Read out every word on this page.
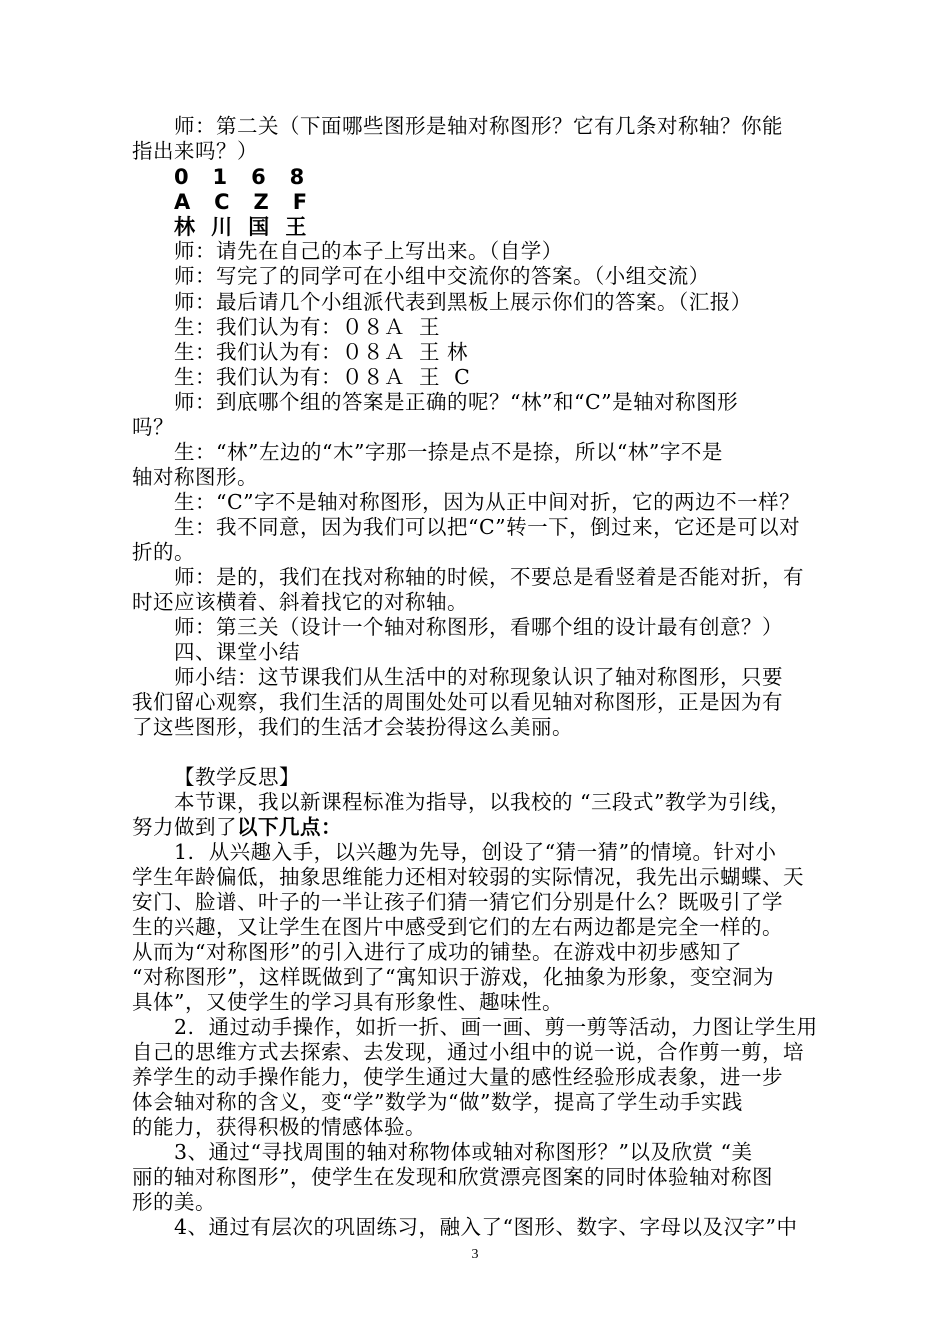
师：第二关（下面哪些图形是轴对称图形？它有几条对称轴？你能
指出来吗？）
0   1   6   8
A   C   Z   F
林  川  国  王
师：请先在自己的本子上写出来。（自学）
师：写完了的同学可在小组中交流你的答案。（小组交流）
师：最后请几个小组派代表到黑板上展示你们的答案。（汇报）
生：我们认为有：０８Ａ  王
生：我们认为有：０８Ａ  王 林
生：我们认为有：０８Ａ  王  C
师：到底哪个组的答案是正确的呢？“林”和“C”是轴对称图形
吗？
生：“林”左边的“木”字那一捺是点不是捺，所以“林”字不是
轴对称图形。
生：“C”字不是轴对称图形，因为从正中间对折，它的两边不一样？
生：我不同意，因为我们可以把“C”转一下，倒过来，它还是可以对
折的。
师：是的，我们在找对称轴的时候，不要总是看竖着是否能对折，有
时还应该横着、斜着找它的对称轴。
师：第三关（设计一个轴对称图形，看哪个组的设计最有创意？）
四、课堂小结
师小结：这节课我们从生活中的对称现象认识了轴对称图形，只要
我们留心观察，我们生活的周围处处可以看见轴对称图形，正是因为有
了这些图形，我们的生活才会装扮得这么美丽。
【教学反思】
本节课，我以新课程标准为指导，以我校的 “三段式”教学为引线，
努力做到了以下几点：
1.  从兴趣入手，以兴趣为先导，创设了“猜一猜”的情境。针对小
学生年龄偏低，抽象思维能力还相对较弱的实际情况，我先出示蝴蝶、天
安门、脸谱、叶子的一半让孩子们猜一猜它们分别是什么？既吸引了学
生的兴趣，又让学生在图片中感受到它们的左右两边都是完全一样的。
从而为“对称图形”的引入进行了成功的铺垫。在游戏中初步感知了
“对称图形”，这样既做到了“寓知识于游戏，化抽象为形象，变空洞为
具体”，又使学生的学习具有形象性、趣味性。
2.  通过动手操作，如折一折、画一画、剪一剪等活动，力图让学生用
自己的思维方式去探索、去发现，通过小组中的说一说，合作剪一剪，培
养学生的动手操作能力，使学生通过大量的感性经验形成表象，进一步
体会轴对称的含义，变“学”数学为“做”数学，提高了学生动手实践
的能力，获得积极的情感体验。
3、通过“寻找周围的轴对称物体或轴对称图形？”以及欣赏 “美
丽的轴对称图形”，使学生在发现和欣赏漂亮图案的同时体验轴对称图
形的美。
4、通过有层次的巩固练习，融入了“图形、数字、字母以及汉字”中
3
